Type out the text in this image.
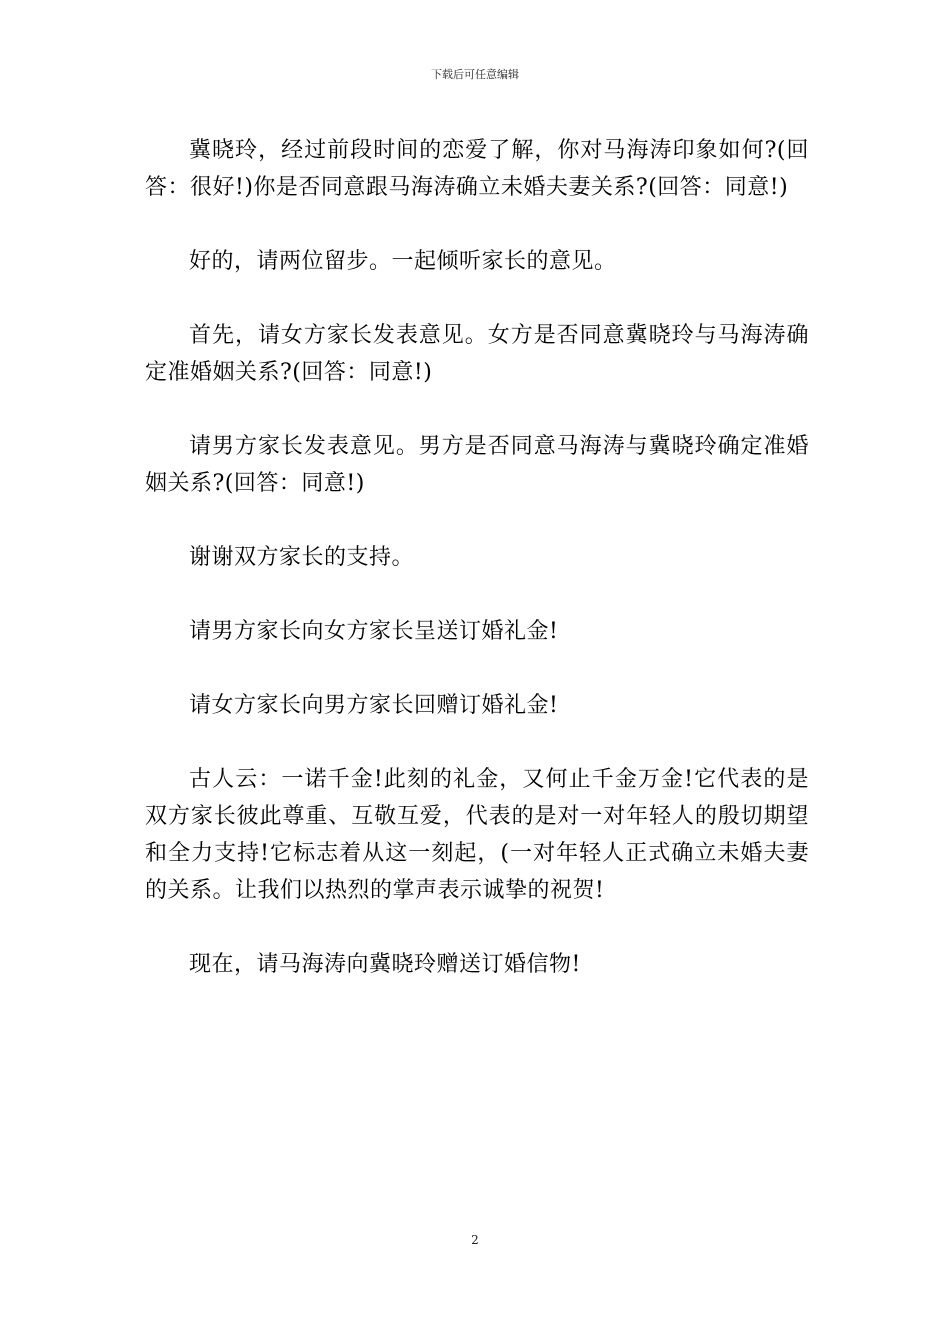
下载后可任意编辑

冀晓玲，经过前段时间的恋爱了解，你对马海涛印象如何?(回答：很好!)你是否同意跟马海涛确立未婚夫妻关系?(回答：同意!)

好的，请两位留步。一起倾听家长的意见。

首先，请女方家长发表意见。女方是否同意冀晓玲与马海涛确定准婚姻关系?(回答：同意!)

请男方家长发表意见。男方是否同意马海涛与冀晓玲确定准婚姻关系?(回答：同意!)

谢谢双方家长的支持。

请男方家长向女方家长呈送订婚礼金!

请女方家长向男方家长回赠订婚礼金!

古人云：一诺千金!此刻的礼金，又何止千金万金!它代表的是双方家长彼此尊重、互敬互爱，代表的是对一对年轻人的殷切期望和全力支持!它标志着从这一刻起，(一对年轻人正式确立未婚夫妻的关系。让我们以热烈的掌声表示诚挚的祝贺!

现在，请马海涛向冀晓玲赠送订婚信物!

2
